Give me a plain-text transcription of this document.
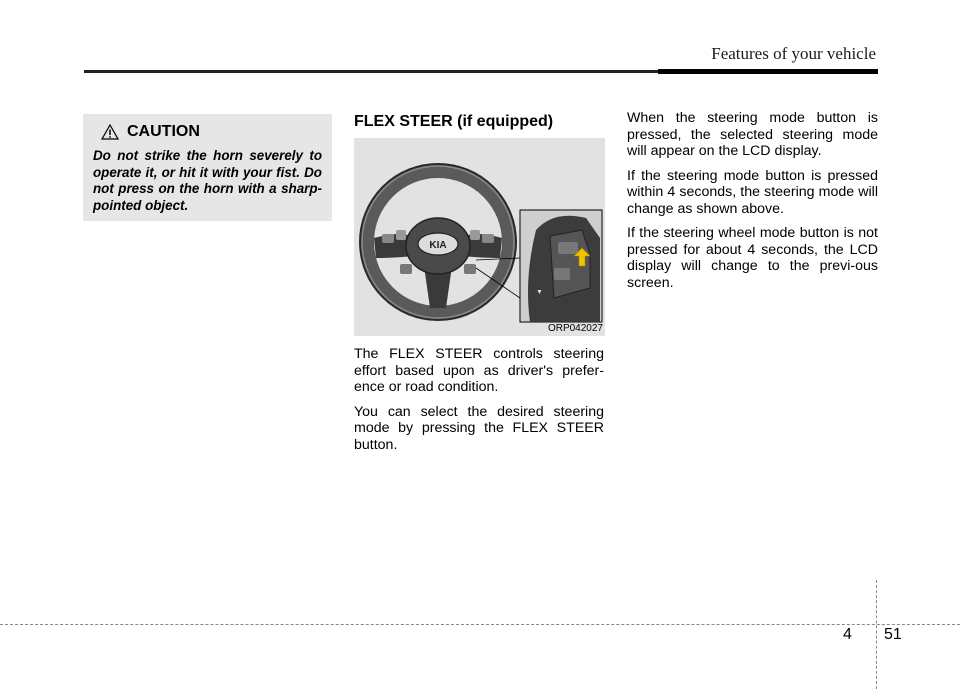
Features of your vehicle
CAUTION
Do not strike the horn severely to operate it, or hit it with your fist. Do not press on the horn with a sharp-pointed object.
FLEX STEER (if equipped)
KIA
▼
ORP042027

The FLEX STEER controls steering effort based upon as driver's prefer-ence or road condition.

You can select the desired steering mode by pressing the FLEX STEER button.

When the steering mode button is pressed, the selected steering mode will appear on the LCD display.

If the steering mode button is pressed within 4 seconds, the steering mode will change as shown above.

If the steering wheel mode button is not pressed for about 4 seconds, the LCD display will change to the previ-ous screen.

4 51
